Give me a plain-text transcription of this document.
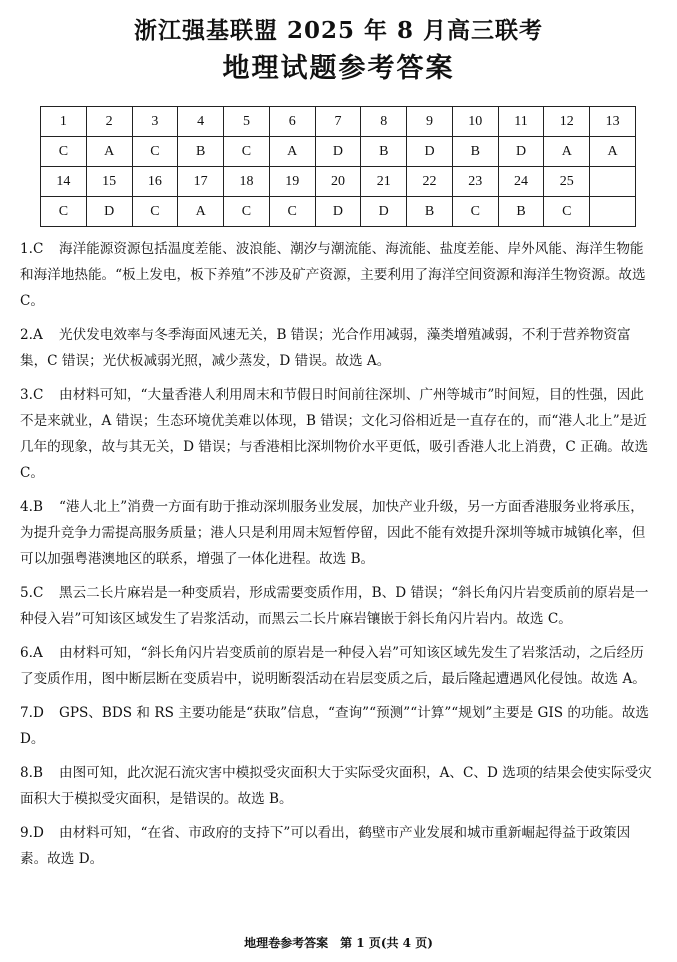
浙江强基联盟 2025 年 8 月高三联考
地理试题参考答案
1	2	3	4	5	6	7	8	9	10	11	12	13
C	A	C	B	C	A	D	B	D	B	D	A	A
14	15	16	17	18	19	20	21	22	23	24	25	
C	D	C	A	C	C	D	D	B	C	B	C	
1.C 海洋能源资源包括温度差能、波浪能、潮汐与潮流能、海流能、盐度差能、岸外风能、海洋生物能和海洋地热能。“板上发电，板下养殖”不涉及矿产资源，主要利用了海洋空间资源和海洋生物资源。故选 C。
2.A 光伏发电效率与冬季海面风速无关，B 错误；光合作用减弱，藻类增殖减弱，不利于营养物资富集，C 错误；光伏板减弱光照，减少蒸发，D 错误。故选 A。
3.C 由材料可知，“大量香港人利用周末和节假日时间前往深圳、广州等城市”时间短，目的性强，因此不是来就业，A 错误；生态环境优美难以体现，B 错误；文化习俗相近是一直存在的，而“港人北上”是近几年的现象，故与其无关，D 错误；与香港相比深圳物价水平更低，吸引香港人北上消费，C 正确。故选 C。
4.B “港人北上”消费一方面有助于推动深圳服务业发展，加快产业升级，另一方面香港服务业将承压，为提升竞争力需提高服务质量；港人只是利用周末短暂停留，因此不能有效提升深圳等城市城镇化率，但可以加强粤港澳地区的联系，增强了一体化进程。故选 B。
5.C 黑云二长片麻岩是一种变质岩，形成需要变质作用，B、D 错误；“斜长角闪片岩变质前的原岩是一种侵入岩”可知该区域发生了岩浆活动，而黑云二长片麻岩镶嵌于斜长角闪片岩内。故选 C。
6.A 由材料可知，“斜长角闪片岩变质前的原岩是一种侵入岩”可知该区域先发生了岩浆活动，之后经历了变质作用，图中断层断在变质岩中，说明断裂活动在岩层变质之后，最后隆起遭遇风化侵蚀。故选 A。
7.D GPS、BDS 和 RS 主要功能是“获取”信息，“查询”“预测”“计算”“规划”主要是 GIS 的功能。故选 D。
8.B 由图可知，此次泥石流灾害中模拟受灾面积大于实际受灾面积，A、C、D 选项的结果会使实际受灾面积大于模拟受灾面积，是错误的。故选 B。
9.D 由材料可知，“在省、市政府的支持下”可以看出，鹤壁市产业发展和城市重新崛起得益于政策因素。故选 D。
地理卷参考答案　第 1 页(共 4 页)
